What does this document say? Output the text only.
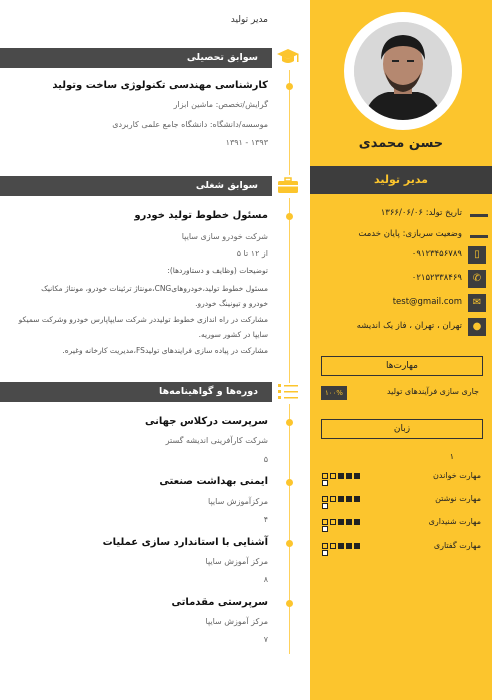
مدیر تولید
سوابق تحصیلی
کارشناسی مهندسی تکنولوژی ساخت وتولید
گرایش/تخصص: ماشین ابزار
موسسه/دانشگاه: دانشگاه جامع علمی کاربردی
۱۳۹۳ - ۱۳۹۱
سوابق شغلی
مسئول خطوط تولید خودرو
شرکت خودرو سازی سایپا
از ۱۲ تا ۵
توضیحات (وظایف و دستاوردها):
مسئول خطوط تولید،خودروهایCNG،مونتاژ ترئینات خودرو، مونتاژ مکانیک
خودرو و تیونینگ خودرو.
مشارکت در راه اندازی خطوط تولیددر شرکت سایپاپارس خودرو وشرکت سمیکو
سایپا در کشور سوریه.
مشارکت در پیاده سازی فرایندهای تولیدFS،مدیریت کارخانه وغیره.
دوره‌ها و گواهینامه‌ها
سرپرست درکلاس جهانی
شرکت کارآفرینی اندیشه گستر
۵
ایمنی بهداشت صنعتی
مرکزآموزش سایپا
۴
آشنایی با استاندارد سازی عملیات
مرکز آموزش سایپا
۸
سرپرستی مقدماتی
مرکز آموزش سایپا
۷
حسن محمدی
مدیر تولید
تاریخ تولد: ۱۳۶۶/۰۶/۰۶
وضعیت سربازی: پایان خدمت
▯
۰۹۱۲۳۴۵۶۷۸۹
✆
۰۲۱۵۲۳۳۸۴۶۹
✉
test@gmail.com
●
تهران ، تهران ، فاز یک اندیشه
مهارت‌ها
جاری سازی فرآیندهای تولید
۱۰۰%
زبان
۱
مهارت خواندن
مهارت نوشتن
مهارت شنیداری
مهارت گفتاری
